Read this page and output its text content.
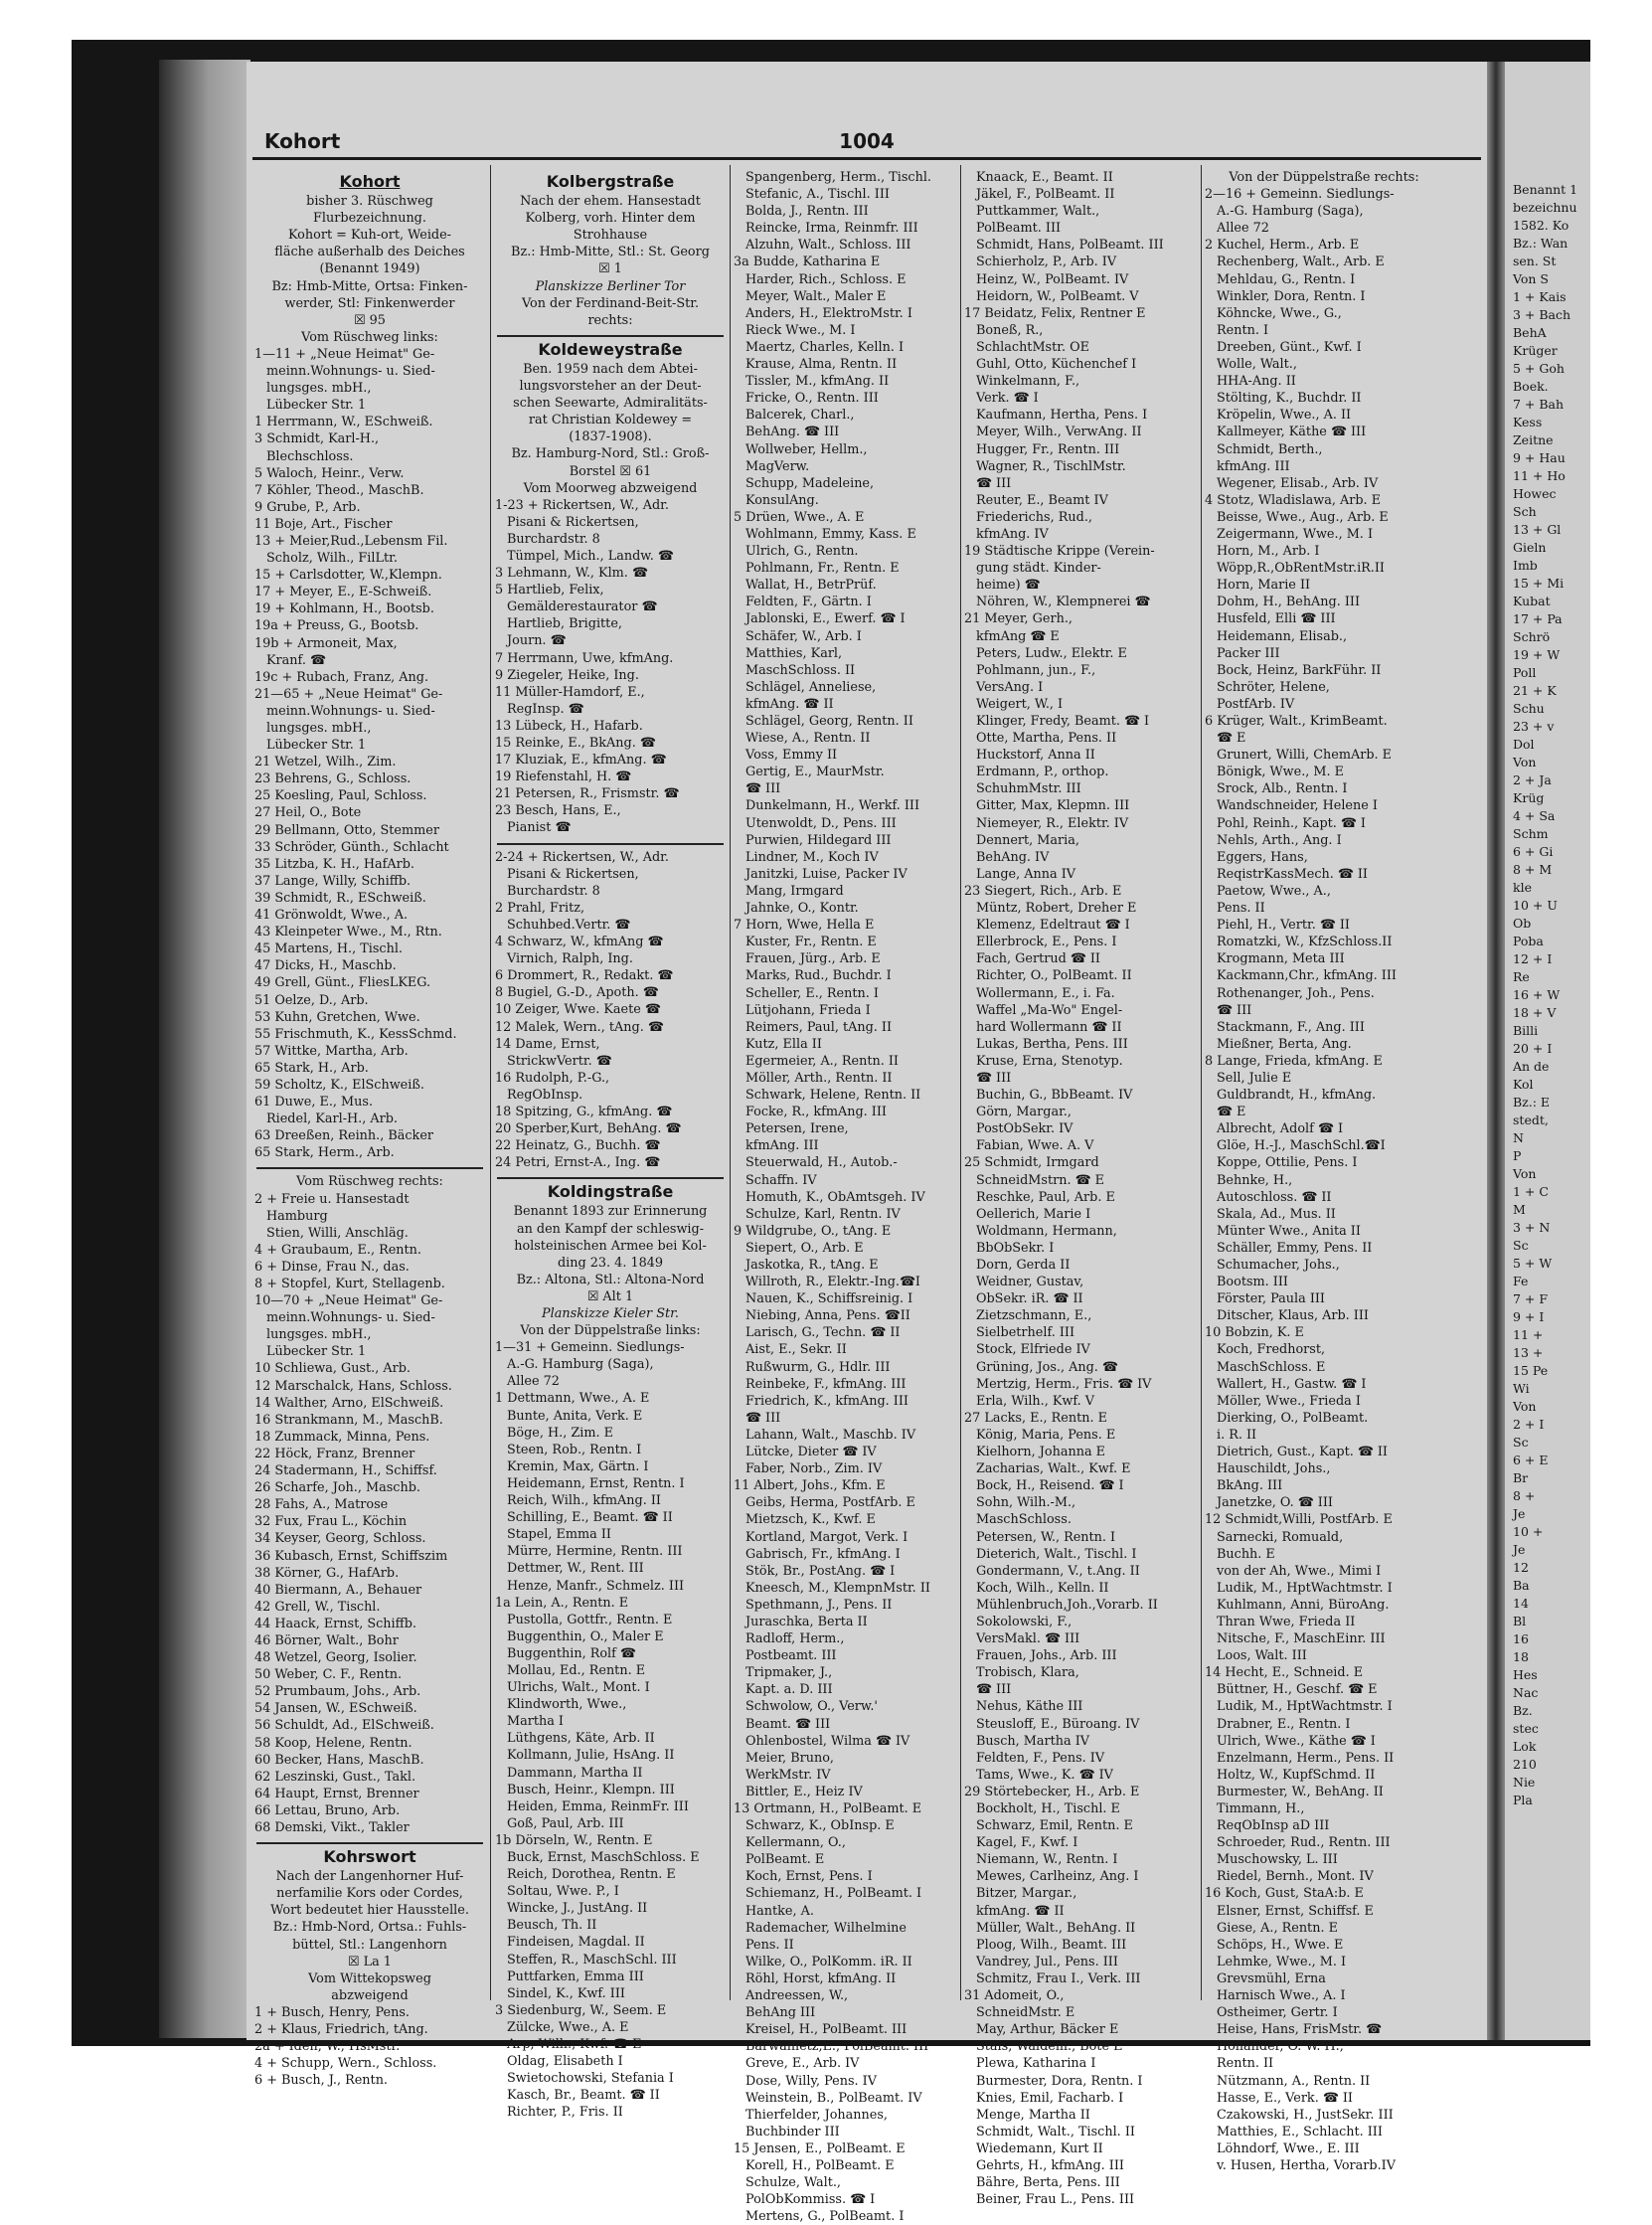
Kohort	1004
Kohort
bisher 3. Rüschweg
Flurbezeichnung.
Kohort = Kuh-ort, Weide-
fläche außerhalb des Deiches
(Benannt 1949)
Bz: Hmb-Mitte, Ortsa: Finken-
werder, Stl: Finkenwerder
☒ 95
Vom Rüschweg links:
1—11 + „Neue Heimat" Ge-
meinn.Wohnungs- u. Sied-
lungsges. mbH.,
Lübecker Str. 1
1 Herrmann, W., ESchweiß.
3 Schmidt, Karl-H.,
Blechschloss.
5 Waloch, Heinr., Verw.
7 Köhler, Theod., MaschB.
9 Grube, P., Arb.
11 Boje, Art., Fischer
13 + Meier,Rud.,Lebensm Fil.
Scholz, Wilh., FilLtr.
15 + Carlsdotter, W.,Klempn.
17 + Meyer, E., E-Schweiß.
19 + Kohlmann, H., Bootsb.
19a + Preuss, G., Bootsb.
19b + Armoneit, Max,
Kranf. ☎
19c + Rubach, Franz, Ang.
21—65 + „Neue Heimat" Ge-
meinn.Wohnungs- u. Sied-
lungsges. mbH.,
Lübecker Str. 1
21 Wetzel, Wilh., Zim.
23 Behrens, G., Schloss.
25 Koesling, Paul, Schloss.
27 Heil, O., Bote
29 Bellmann, Otto, Stemmer
33 Schröder, Günth., Schlacht
35 Litzba, K. H., HafArb.
37 Lange, Willy, Schiffb.
39 Schmidt, R., ESchweiß.
41 Grönwoldt, Wwe., A.
43 Kleinpeter Wwe., M., Rtn.
45 Martens, H., Tischl.
47 Dicks, H., Maschb.
49 Grell, Günt., FliesLKEG.
51 Oelze, D., Arb.
53 Kuhn, Gretchen, Wwe.
55 Frischmuth, K., KessSchmd.
57 Wittke, Martha, Arb.
65 Stark, H., Arb.
59 Scholtz, K., ElSchweiß.
61 Duwe, E., Mus.
Riedel, Karl-H., Arb.
63 Dreeßen, Reinh., Bäcker
65 Stark, Herm., Arb.
Vom Rüschweg rechts:
2 + Freie u. Hansestadt
Hamburg
Stien, Willi, Anschläg.
4 + Graubaum, E., Rentn.
6 + Dinse, Frau N., das.
8 + Stopfel, Kurt, Stellagenb.
10—70 + „Neue Heimat" Ge-
meinn.Wohnungs- u. Sied-
lungsges. mbH.,
Lübecker Str. 1
10 Schliewa, Gust., Arb.
12 Marschalck, Hans, Schloss.
14 Walther, Arno, ElSchweiß.
16 Strankmann, M., MaschB.
18 Zummack, Minna, Pens.
22 Höck, Franz, Brenner
24 Stadermann, H., Schiffsf.
26 Scharfe, Joh., Maschb.
28 Fahs, A., Matrose
32 Fux, Frau L., Köchin
34 Keyser, Georg, Schloss.
36 Kubasch, Ernst, Schiffszim
38 Körner, G., HafArb.
40 Biermann, A., Behauer
42 Grell, W., Tischl.
44 Haack, Ernst, Schiffb.
46 Börner, Walt., Bohr
48 Wetzel, Georg, Isolier.
50 Weber, C. F., Rentn.
52 Prumbaum, Johs., Arb.
54 Jansen, W., ESchweiß.
56 Schuldt, Ad., ElSchweiß.
58 Koop, Helene, Rentn.
60 Becker, Hans, MaschB.
62 Leszinski, Gust., Takl.
64 Haupt, Ernst, Brenner
66 Lettau, Bruno, Arb.
68 Demski, Vikt., Takler
Kohrswort
Nach der Langenhorner Huf-
nerfamilie Kors oder Cordes,
Wort bedeutet hier Hausstelle.
Bz.: Hmb-Nord, Ortsa.: Fuhls-
büttel, Stl.: Langenhorn
☒ La 1
Vom Wittekopsweg
abzweigend
1 + Busch, Henry, Pens.
2 + Klaus, Friedrich, tAng.
2a + Iden, W., HsMstr.
4 + Schupp, Wern., Schloss.
6 + Busch, J., Rentn.
Kolbergstraße
Nach der ehem. Hansestadt
Kolberg, vorh. Hinter dem
Strohhause
Bz.: Hmb-Mitte, Stl.: St. Georg
☒ 1
Planskizze Berliner Tor
Von der Ferdinand-Beit-Str.
rechts:
Koldeweystraße
Ben. 1959 nach dem Abtei-
lungsvorsteher an der Deut-
schen Seewarte, Admiralitäts-
rat Christian Koldewey =
(1837-1908).
Bz. Hamburg-Nord, Stl.: Groß-
Borstel ☒ 61
Vom Moorweg abzweigend
1-23 + Rickertsen, W., Adr.
Pisani & Rickertsen,
Burchardstr. 8
Tümpel, Mich., Landw. ☎
3 Lehmann, W., Klm. ☎
5 Hartlieb, Felix,
Gemälderestaurator ☎
Hartlieb, Brigitte,
Journ. ☎
7 Herrmann, Uwe, kfmAng.
9 Ziegeler, Heike, Ing.
11 Müller-Hamdorf, E.,
RegInsp. ☎
13 Lübeck, H., Hafarb.
15 Reinke, E., BkAng. ☎
17 Kluziak, E., kfmAng. ☎
19 Riefenstahl, H. ☎
21 Petersen, R., Frismstr. ☎
23 Besch, Hans, E.,
Pianist ☎
2-24 + Rickertsen, W., Adr.
Pisani & Rickertsen,
Burchardstr. 8
2 Prahl, Fritz,
Schuhbed.Vertr. ☎
4 Schwarz, W., kfmAng ☎
Virnich, Ralph, Ing.
6 Drommert, R., Redakt. ☎
8 Bugiel, G.-D., Apoth. ☎
10 Zeiger, Wwe. Kaete ☎
12 Malek, Wern., tAng. ☎
14 Dame, Ernst,
StrickwVertr. ☎
16 Rudolph, P.-G.,
RegObInsp.
18 Spitzing, G., kfmAng. ☎
20 Sperber,Kurt, BehAng. ☎
22 Heinatz, G., Buchh. ☎
24 Petri, Ernst-A., Ing. ☎
Koldingstraße
Benannt 1893 zur Erinnerung
an den Kampf der schleswig-
holsteinischen Armee bei Kol-
ding 23. 4. 1849
Bz.: Altona, Stl.: Altona-Nord
☒ Alt 1
Planskizze Kieler Str.
Von der Düppelstraße links:
1—31 + Gemeinn. Siedlungs-
A.-G. Hamburg (Saga),
Allee 72
1 Dettmann, Wwe., A. E
Bunte, Anita, Verk. E
Böge, H., Zim. E
Steen, Rob., Rentn. I
Kremin, Max, Gärtn. I
Heidemann, Ernst, Rentn. I
Reich, Wilh., kfmAng. II
Schilling, E., Beamt. ☎ II
Stapel, Emma II
Mürre, Hermine, Rentn. III
Dettmer, W., Rent. III
Henze, Manfr., Schmelz. III
1a Lein, A., Rentn. E
Pustolla, Gottfr., Rentn. E
Buggenthin, O., Maler E
Buggenthin, Rolf ☎
Mollau, Ed., Rentn. E
Ulrichs, Walt., Mont. I
Klindworth, Wwe.,
Martha I
Lüthgens, Käte, Arb. II
Kollmann, Julie, HsAng. II
Dammann, Martha II
Busch, Heinr., Klempn. III
Heiden, Emma, ReinmFr. III
Goß, Paul, Arb. III
1b Dörseln, W., Rentn. E
Buck, Ernst, MaschSchloss. E
Reich, Dorothea, Rentn. E
Soltau, Wwe. P., I
Wincke, J., JustAng. II
Beusch, Th. II
Findeisen, Magdal. II
Steffen, R., MaschSchl. III
Puttfarken, Emma III
Sindel, K., Kwf. III
3 Siedenburg, W., Seem. E
Zülcke, Wwe., A. E
Arp, Wilh., Kwf. ☎ E
Oldag, Elisabeth I
Swietochowski, Stefania I
Kasch, Br., Beamt. ☎ II
Richter, P., Fris. II
Spangenberg, Herm., Tischl.
Stefanic, A., Tischl. III
Bolda, J., Rentn. III
Reincke, Irma, Reinmfr. III
Alzuhn, Walt., Schloss. III
3a Budde, Katharina E
Harder, Rich., Schloss. E
Meyer, Walt., Maler E
Anders, H., ElektroMstr. I
Rieck Wwe., M. I
Maertz, Charles, Kelln. I
Krause, Alma, Rentn. II
Tissler, M., kfmAng. II
Fricke, O., Rentn. III
Balcerek, Charl.,
BehAng. ☎ III
Wollweber, Hellm.,
MagVerw.
Schupp, Madeleine,
KonsulAng.
5 Drüen, Wwe., A. E
Wohlmann, Emmy, Kass. E
Ulrich, G., Rentn.
Pohlmann, Fr., Rentn. E
Wallat, H., BetrPrüf.
Feldten, F., Gärtn. I
Jablonski, E., Ewerf. ☎ I
Schäfer, W., Arb. I
Matthies, Karl,
MaschSchloss. II
Schlägel, Anneliese,
kfmAng. ☎ II
Schlägel, Georg, Rentn. II
Wiese, A., Rentn. II
Voss, Emmy II
Gertig, E., MaurMstr.
☎ III
Dunkelmann, H., Werkf. III
Utenwoldt, D., Pens. III
Purwien, Hildegard III
Lindner, M., Koch IV
Janitzki, Luise, Packer IV
Mang, Irmgard
Jahnke, O., Kontr.
7 Horn, Wwe, Hella E
Kuster, Fr., Rentn. E
Frauen, Jürg., Arb. E
Marks, Rud., Buchdr. I
Scheller, E., Rentn. I
Lütjohann, Frieda I
Reimers, Paul, tAng. II
Kutz, Ella II
Egermeier, A., Rentn. II
Möller, Arth., Rentn. II
Schwark, Helene, Rentn. II
Focke, R., kfmAng. III
Petersen, Irene,
kfmAng. III
Steuerwald, H., Autob.-
Schaffn. IV
Homuth, K., ObAmtsgeh. IV
Schulze, Karl, Rentn. IV
9 Wildgrube, O., tAng. E
Siepert, O., Arb. E
Jaskotka, R., tAng. E
Willroth, R., Elektr.-Ing.☎I
Nauen, K., Schiffsreinig. I
Niebing, Anna, Pens. ☎II
Larisch, G., Techn. ☎ II
Aist, E., Sekr. II
Rußwurm, G., Hdlr. III
Reinbeke, F., kfmAng. III
Friedrich, K., kfmAng. III
☎ III
Lahann, Walt., Maschb. IV
Lütcke, Dieter ☎ IV
Faber, Norb., Zim. IV
11 Albert, Johs., Kfm. E
Geibs, Herma, PostfArb. E
Mietzsch, K., Kwf. E
Kortland, Margot, Verk. I
Gabrisch, Fr., kfmAng. I
Stök, Br., PostAng. ☎ I
Kneesch, M., KlempnMstr. II
Spethmann, J., Pens. II
Juraschka, Berta II
Radloff, Herm.,
Postbeamt. III
Tripmaker, J.,
Kapt. a. D. III
Schwolow, O., Verw.'
Beamt. ☎ III
Ohlenbostel, Wilma ☎ IV
Meier, Bruno,
WerkMstr. IV
Bittler, E., Heiz IV
13 Ortmann, H., PolBeamt. E
Schwarz, K., ObInsp. E
Kellermann, O.,
PolBeamt. E
Koch, Ernst, Pens. I
Schiemanz, H., PolBeamt. I
Hantke, A.
Rademacher, Wilhelmine
Pens. II
Wilke, O., PolKomm. iR. II
Röhl, Horst, kfmAng. II
Andreessen, W.,
BehAng III
Kreisel, H., PolBeamt. III
Barwanietz,E., PolBeamt. III
Greve, E., Arb. IV
Dose, Willy, Pens. IV
Weinstein, B., PolBeamt. IV
Thierfelder, Johannes,
Buchbinder III
15 Jensen, E., PolBeamt. E
Korell, H., PolBeamt. E
Schulze, Walt.,
PolObKommiss. ☎ I
Mertens, G., PolBeamt. I
Knaack, E., Beamt. II
Jäkel, F., PolBeamt. II
Puttkammer, Walt.,
PolBeamt. III
Schmidt, Hans, PolBeamt. III
Schierholz, P., Arb. IV
Heinz, W., PolBeamt. IV
Heidorn, W., PolBeamt. V
17 Beidatz, Felix, Rentner E
Boneß, R.,
SchlachtMstr. OE
Guhl, Otto, Küchenchef I
Winkelmann, F.,
Verk. ☎ I
Kaufmann, Hertha, Pens. I
Meyer, Wilh., VerwAng. II
Hugger, Fr., Rentn. III
Wagner, R., TischlMstr.
☎ III
Reuter, E., Beamt IV
Friederichs, Rud.,
kfmAng. IV
19 Städtische Krippe (Verein-
gung städt. Kinder-
heime) ☎
Nöhren, W., Klempnerei ☎
21 Meyer, Gerh.,
kfmAng ☎ E
Peters, Ludw., Elektr. E
Pohlmann, jun., F.,
VersAng. I
Weigert, W., I
Klinger, Fredy, Beamt. ☎ I
Otte, Martha, Pens. II
Huckstorf, Anna II
Erdmann, P., orthop.
SchuhmMstr. III
Gitter, Max, Klepmn. III
Niemeyer, R., Elektr. IV
Dennert, Maria,
BehAng. IV
Lange, Anna IV
23 Siegert, Rich., Arb. E
Müntz, Robert, Dreher E
Klemenz, Edeltraut ☎ I
Ellerbrock, E., Pens. I
Fach, Gertrud ☎ II
Richter, O., PolBeamt. II
Wollermann, E., i. Fa.
Waffel „Ma-Wo" Engel-
hard Wollermann ☎ II
Lukas, Bertha, Pens. III
Kruse, Erna, Stenotyp.
☎ III
Buchin, G., BbBeamt. IV
Görn, Margar.,
PostObSekr. IV
Fabian, Wwe. A. V
25 Schmidt, Irmgard
SchneidMstrn. ☎ E
Reschke, Paul, Arb. E
Oellerich, Marie I
Woldmann, Hermann,
BbObSekr. I
Dorn, Gerda II
Weidner, Gustav,
ObSekr. iR. ☎ II
Zietzschmann, E.,
Sielbetrhelf. III
Stock, Elfriede IV
Grüning, Jos., Ang. ☎
Mertzig, Herm., Fris. ☎ IV
Erla, Wilh., Kwf. V
27 Lacks, E., Rentn. E
König, Maria, Pens. E
Kielhorn, Johanna E
Zacharias, Walt., Kwf. E
Bock, H., Reisend. ☎ I
Sohn, Wilh.-M.,
MaschSchloss.
Petersen, W., Rentn. I
Dieterich, Walt., Tischl. I
Gondermann, V., t.Ang. II
Koch, Wilh., Kelln. II
Mühlenbruch,Joh.,Vorarb. II
Sokolowski, F.,
VersMakl. ☎ III
Frauen, Johs., Arb. III
Trobisch, Klara,
☎ III
Nehus, Käthe III
Steusloff, E., Büroang. IV
Busch, Martha IV
Feldten, F., Pens. IV
Tams, Wwe., K. ☎ IV
29 Störtebecker, H., Arb. E
Bockholt, H., Tischl. E
Schwarz, Emil, Rentn. E
Kagel, F., Kwf. I
Niemann, W., Rentn. I
Mewes, Carlheinz, Ang. I
Bitzer, Margar.,
kfmAng. ☎ II
Müller, Walt., BehAng. II
Ploog, Wilh., Beamt. III
Vandrey, Jul., Pens. III
Schmitz, Frau I., Verk. III
31 Adomeit, O.,
SchneidMstr. E
May, Arthur, Bäcker E
Stais, Waldem., Bote E
Plewa, Katharina I
Burmester, Dora, Rentn. I
Knies, Emil, Facharb. I
Menge, Martha II
Schmidt, Walt., Tischl. II
Wiedemann, Kurt II
Gehrts, H., kfmAng. III
Bähre, Berta, Pens. III
Beiner, Frau L., Pens. III
Von der Düppelstraße rechts:
2—16 + Gemeinn. Siedlungs-
A.-G. Hamburg (Saga),
Allee 72
2 Kuchel, Herm., Arb. E
Rechenberg, Walt., Arb. E
Mehldau, G., Rentn. I
Winkler, Dora, Rentn. I
Köhncke, Wwe., G.,
Rentn. I
Dreeben, Günt., Kwf. I
Wolle, Walt.,
HHA-Ang. II
Stölting, K., Buchdr. II
Kröpelin, Wwe., A. II
Kallmeyer, Käthe ☎ III
Schmidt, Berth.,
kfmAng. III
Wegener, Elisab., Arb. IV
4 Stotz, Wladislawa, Arb. E
Beisse, Wwe., Aug., Arb. E
Zeigermann, Wwe., M. I
Horn, M., Arb. I
Wöpp,R.,ObRentMstr.iR.II
Horn, Marie II
Dohm, H., BehAng. III
Husfeld, Elli ☎ III
Heidemann, Elisab.,
Packer III
Bock, Heinz, BarkFühr. II
Schröter, Helene,
PostfArb. IV
6 Krüger, Walt., KrimBeamt.
☎ E
Grunert, Willi, ChemArb. E
Bönigk, Wwe., M. E
Srock, Alb., Rentn. I
Wandschneider, Helene I
Pohl, Reinh., Kapt. ☎ I
Nehls, Arth., Ang. I
Eggers, Hans,
ReqistrKassMech. ☎ II
Paetow, Wwe., A.,
Pens. II
Piehl, H., Vertr. ☎ II
Romatzki, W., KfzSchloss.II
Krogmann, Meta III
Kackmann,Chr., kfmAng. III
Rothenanger, Joh., Pens.
☎ III
Stackmann, F., Ang. III
Mießner, Berta, Ang.
8 Lange, Frieda, kfmAng. E
Sell, Julie E
Guldbrandt, H., kfmAng.
☎ E
Albrecht, Adolf ☎ I
Glöe, H.-J., MaschSchl.☎I
Koppe, Ottilie, Pens. I
Behnke, H.,
Autoschloss. ☎ II
Skala, Ad., Mus. II
Münter Wwe., Anita II
Schäller, Emmy, Pens. II
Schumacher, Johs.,
Bootsm. III
Förster, Paula III
Ditscher, Klaus, Arb. III
10 Bobzin, K. E
Koch, Fredhorst,
MaschSchloss. E
Wallert, H., Gastw. ☎ I
Möller, Wwe., Frieda I
Dierking, O., PolBeamt.
i. R. II
Dietrich, Gust., Kapt. ☎ II
Hauschildt, Johs.,
BkAng. III
Janetzke, O. ☎ III
12 Schmidt,Willi, PostfArb. E
Sarnecki, Romuald,
Buchh. E
von der Ah, Wwe., Mimi I
Ludik, M., HptWachtmstr. I
Kuhlmann, Anni, BüroAng.
Thran Wwe, Frieda II
Nitsche, F., MaschEinr. III
Loos, Walt. III
14 Hecht, E., Schneid. E
Büttner, H., Geschf. ☎ E
Ludik, M., HptWachtmstr. I
Drabner, E., Rentn. I
Ulrich, Wwe., Käthe ☎ I
Enzelmann, Herm., Pens. II
Holtz, W., KupfSchmd. II
Burmester, W., BehAng. II
Timmann, H.,
ReqObInsp aD III
Schroeder, Rud., Rentn. III
Muschowsky, L. III
Riedel, Bernh., Mont. IV
16 Koch, Gust, StaA:b. E
Elsner, Ernst, Schiffsf. E
Giese, A., Rentn. E
Schöps, H., Wwe. E
Lehmke, Wwe., M. I
Grevsmühl, Erna
Harnisch Wwe., A. I
Ostheimer, Gertr. I
Heise, Hans, FrisMstr. ☎
Holländer, O. W. H.,
Rentn. II
Nützmann, A., Rentn. II
Hasse, E., Verk. ☎ II
Czakowski, H., JustSekr. III
Matthies, E., Schlacht. III
Löhndorf, Wwe., E. III
v. Husen, Hertha, Vorarb.IV
Benannt 1
bezeichnu
1582. Ko
Bz.: Wan
sen. St
Von S
1 + Kais
3 + Bach
BehA
Krüger
5 + Goh
Boek.
7 + Bah
Kess
Zeitne
9 + Hau
11 + Ho
Howec
Sch
13 + Gl
Gieln
Imb
15 + Mi
Kubat
17 + Pa
Schrö
19 + W
Poll
21 + K
Schu
23 + v
Dol
Von
2 + Ja
Krüg
4 + Sa
Schm
6 + Gi
8 + M
kle
10 + U
Ob
Poba
12 + I
Re
16 + W
18 + V
Billi
20 + I
An de
Kol
Bz.: E
stedt,
N
P
Von
1 + C
M
3 + N
Sc
5 + W
Fe
7 + F
9 + I
11 +
13 +
15 Pe
Wi
Von
2 + I
Sc
6 + E
Br
8 +
Je
10 +
Je
12
Ba
14
Bl
16
18
Hes
Nac
Bz.
stec
Lok
210
Nie
Pla
